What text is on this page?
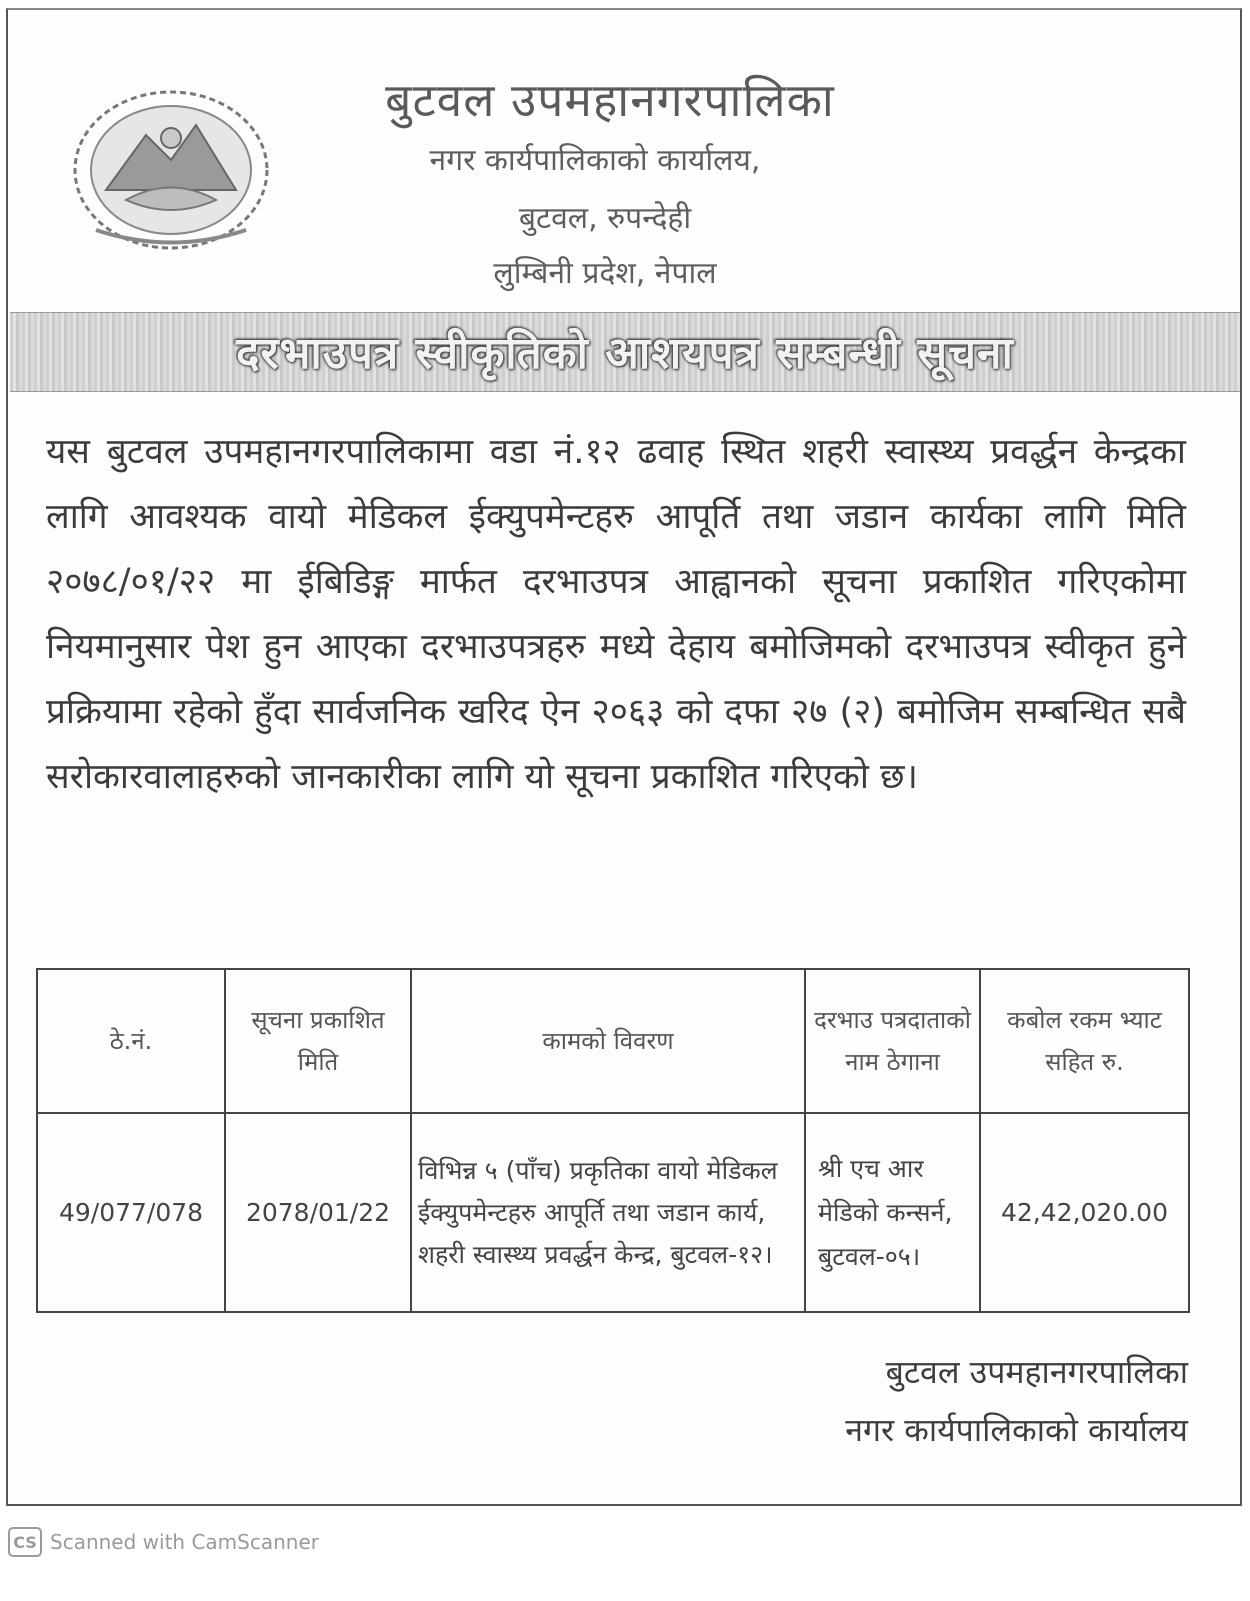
बुटवल उपमहानगरपालिका
नगर कार्यपालिकाको कार्यालय,
बुटवल, रुपन्देही
लुम्बिनी प्रदेश, नेपाल
दरभाउपत्र स्वीकृतिको आशयपत्र सम्बन्धी सूचना
यस बुटवल उपमहानगरपालिकामा वडा नं.१२ ढवाह स्थित शहरी स्वास्थ्य प्रवर्द्धन केन्द्रका लागि आवश्यक वायो मेडिकल ईक्युपमेन्टहरु आपूर्ति तथा जडान कार्यका लागि मिति २०७८/०१/२२ मा ईबिडिङ्ग मार्फत दरभाउपत्र आह्वानको सूचना प्रकाशित गरिएकोमा नियमानुसार पेश हुन आएका दरभाउपत्रहरु मध्ये देहाय बमोजिमको दरभाउपत्र स्वीकृत हुने प्रक्रियामा रहेको हुँदा सार्वजनिक खरिद ऐन २०६३ को दफा २७ (२) बमोजिम सम्बन्धित सबै सरोकारवालाहरुको जानकारीका लागि यो सूचना प्रकाशित गरिएको छ।
ठे.नं.	सूचना प्रकाशित मिति	कामको विवरण	दरभाउ पत्रदाताको नाम ठेगाना	कबोल रकम भ्याट सहित रु.
49/077/078	2078/01/22	विभिन्न ५ (पाँच) प्रकृतिका वायो मेडिकल ईक्युपमेन्टहरु आपूर्ति तथा जडान कार्य, शहरी स्वास्थ्य प्रवर्द्धन केन्द्र, बुटवल-१२।	श्री एच आर मेडिको कन्सर्न, बुटवल-०५।	42,42,020.00
बुटवल उपमहानगरपालिका
नगर कार्यपालिकाको कार्यालय
CS Scanned with CamScanner
